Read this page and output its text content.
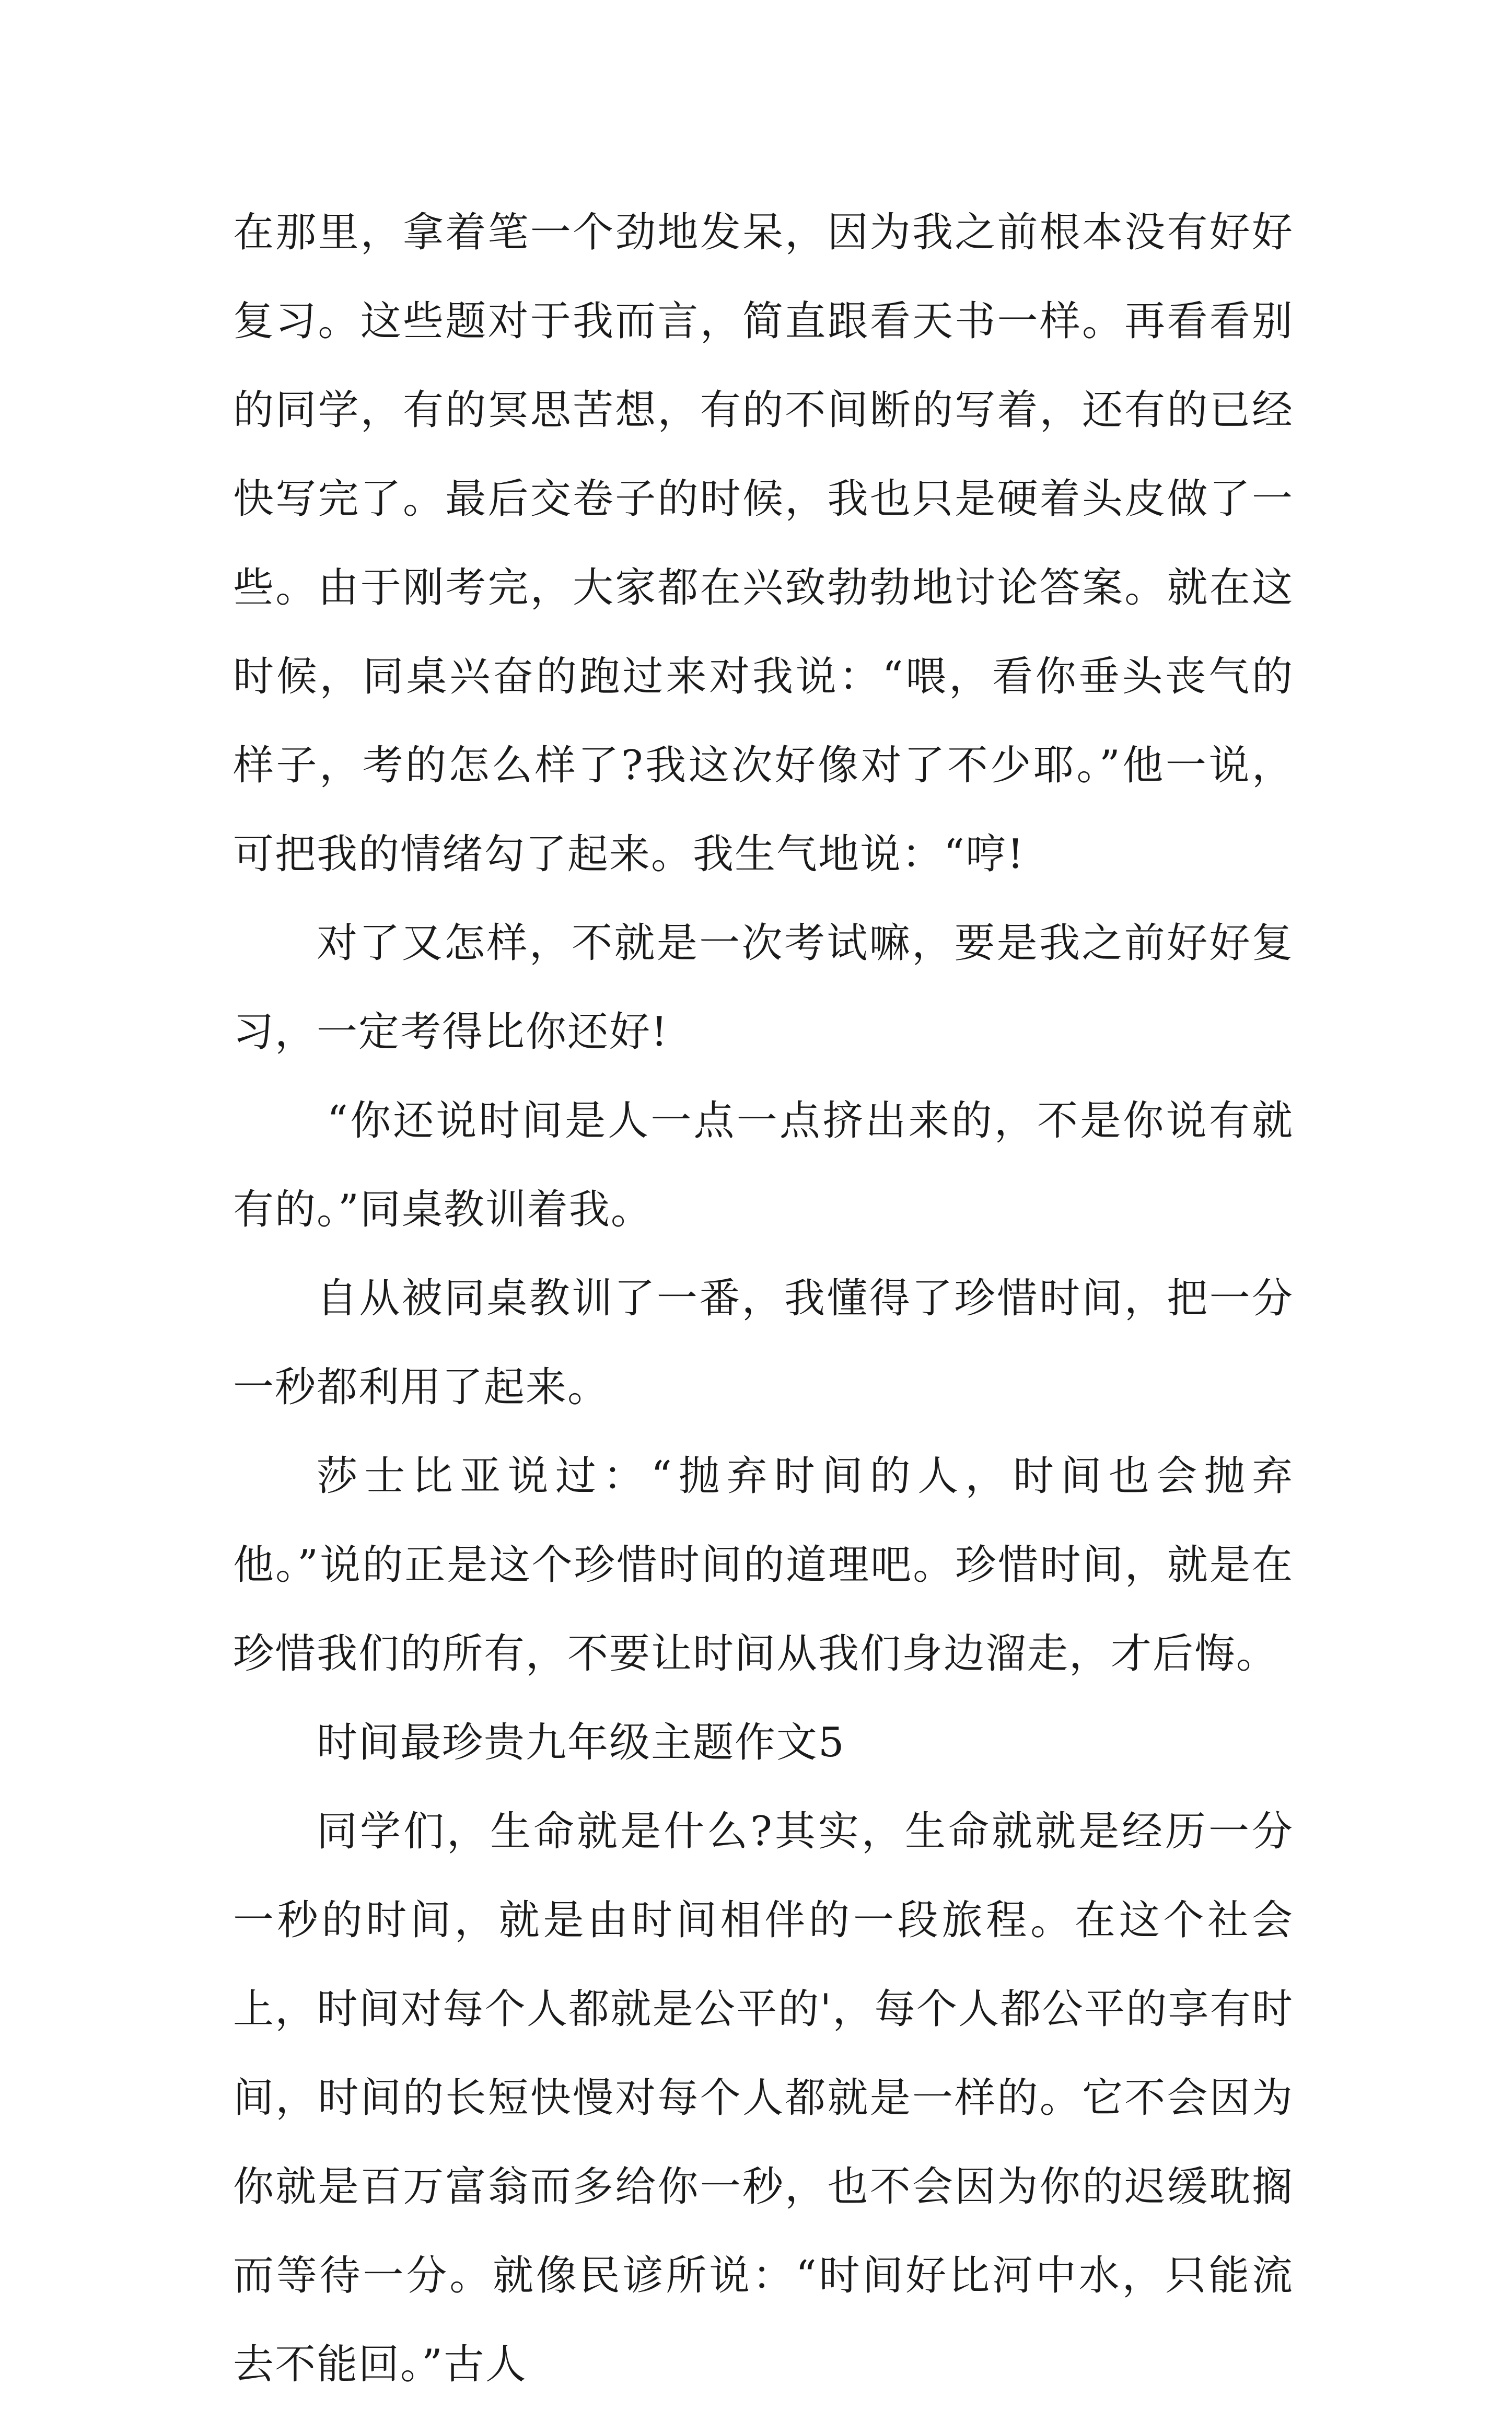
在那里，拿着笔一个劲地发呆，因为我之前根本没有好好复习。这些题对于我而言，简直跟看天书一样。再看看别的同学，有的冥思苦想，有的不间断的写着，还有的已经快写完了。最后交卷子的时候，我也只是硬着头皮做了一些。由于刚考完，大家都在兴致勃勃地讨论答案。就在这时候，同桌兴奋的跑过来对我说：“喂，看你垂头丧气的样子，考的怎么样了?我这次好像对了不少耶。”他一说，可把我的情绪勾了起来。我生气地说：“哼!

对了又怎样，不就是一次考试嘛，要是我之前好好复习，一定考得比你还好!

“你还说时间是人一点一点挤出来的，不是你说有就有的。”同桌教训着我。

自从被同桌教训了一番，我懂得了珍惜时间，把一分一秒都利用了起来。

莎士比亚说过：“抛弃时间的人，时间也会抛弃他。”说的正是这个珍惜时间的道理吧。珍惜时间，就是在珍惜我们的所有，不要让时间从我们身边溜走，才后悔。

时间最珍贵九年级主题作文5

同学们，生命就是什么?其实，生命就就是经历一分一秒的时间，就是由时间相伴的一段旅程。在这个社会上，时间对每个人都就是公平的'，每个人都公平的享有时间，时间的长短快慢对每个人都就是一样的。它不会因为你就是百万富翁而多给你一秒，也不会因为你的迟缓耽搁而等待一分。就像民谚所说：“时间好比河中水，只能流去不能回。”古人
